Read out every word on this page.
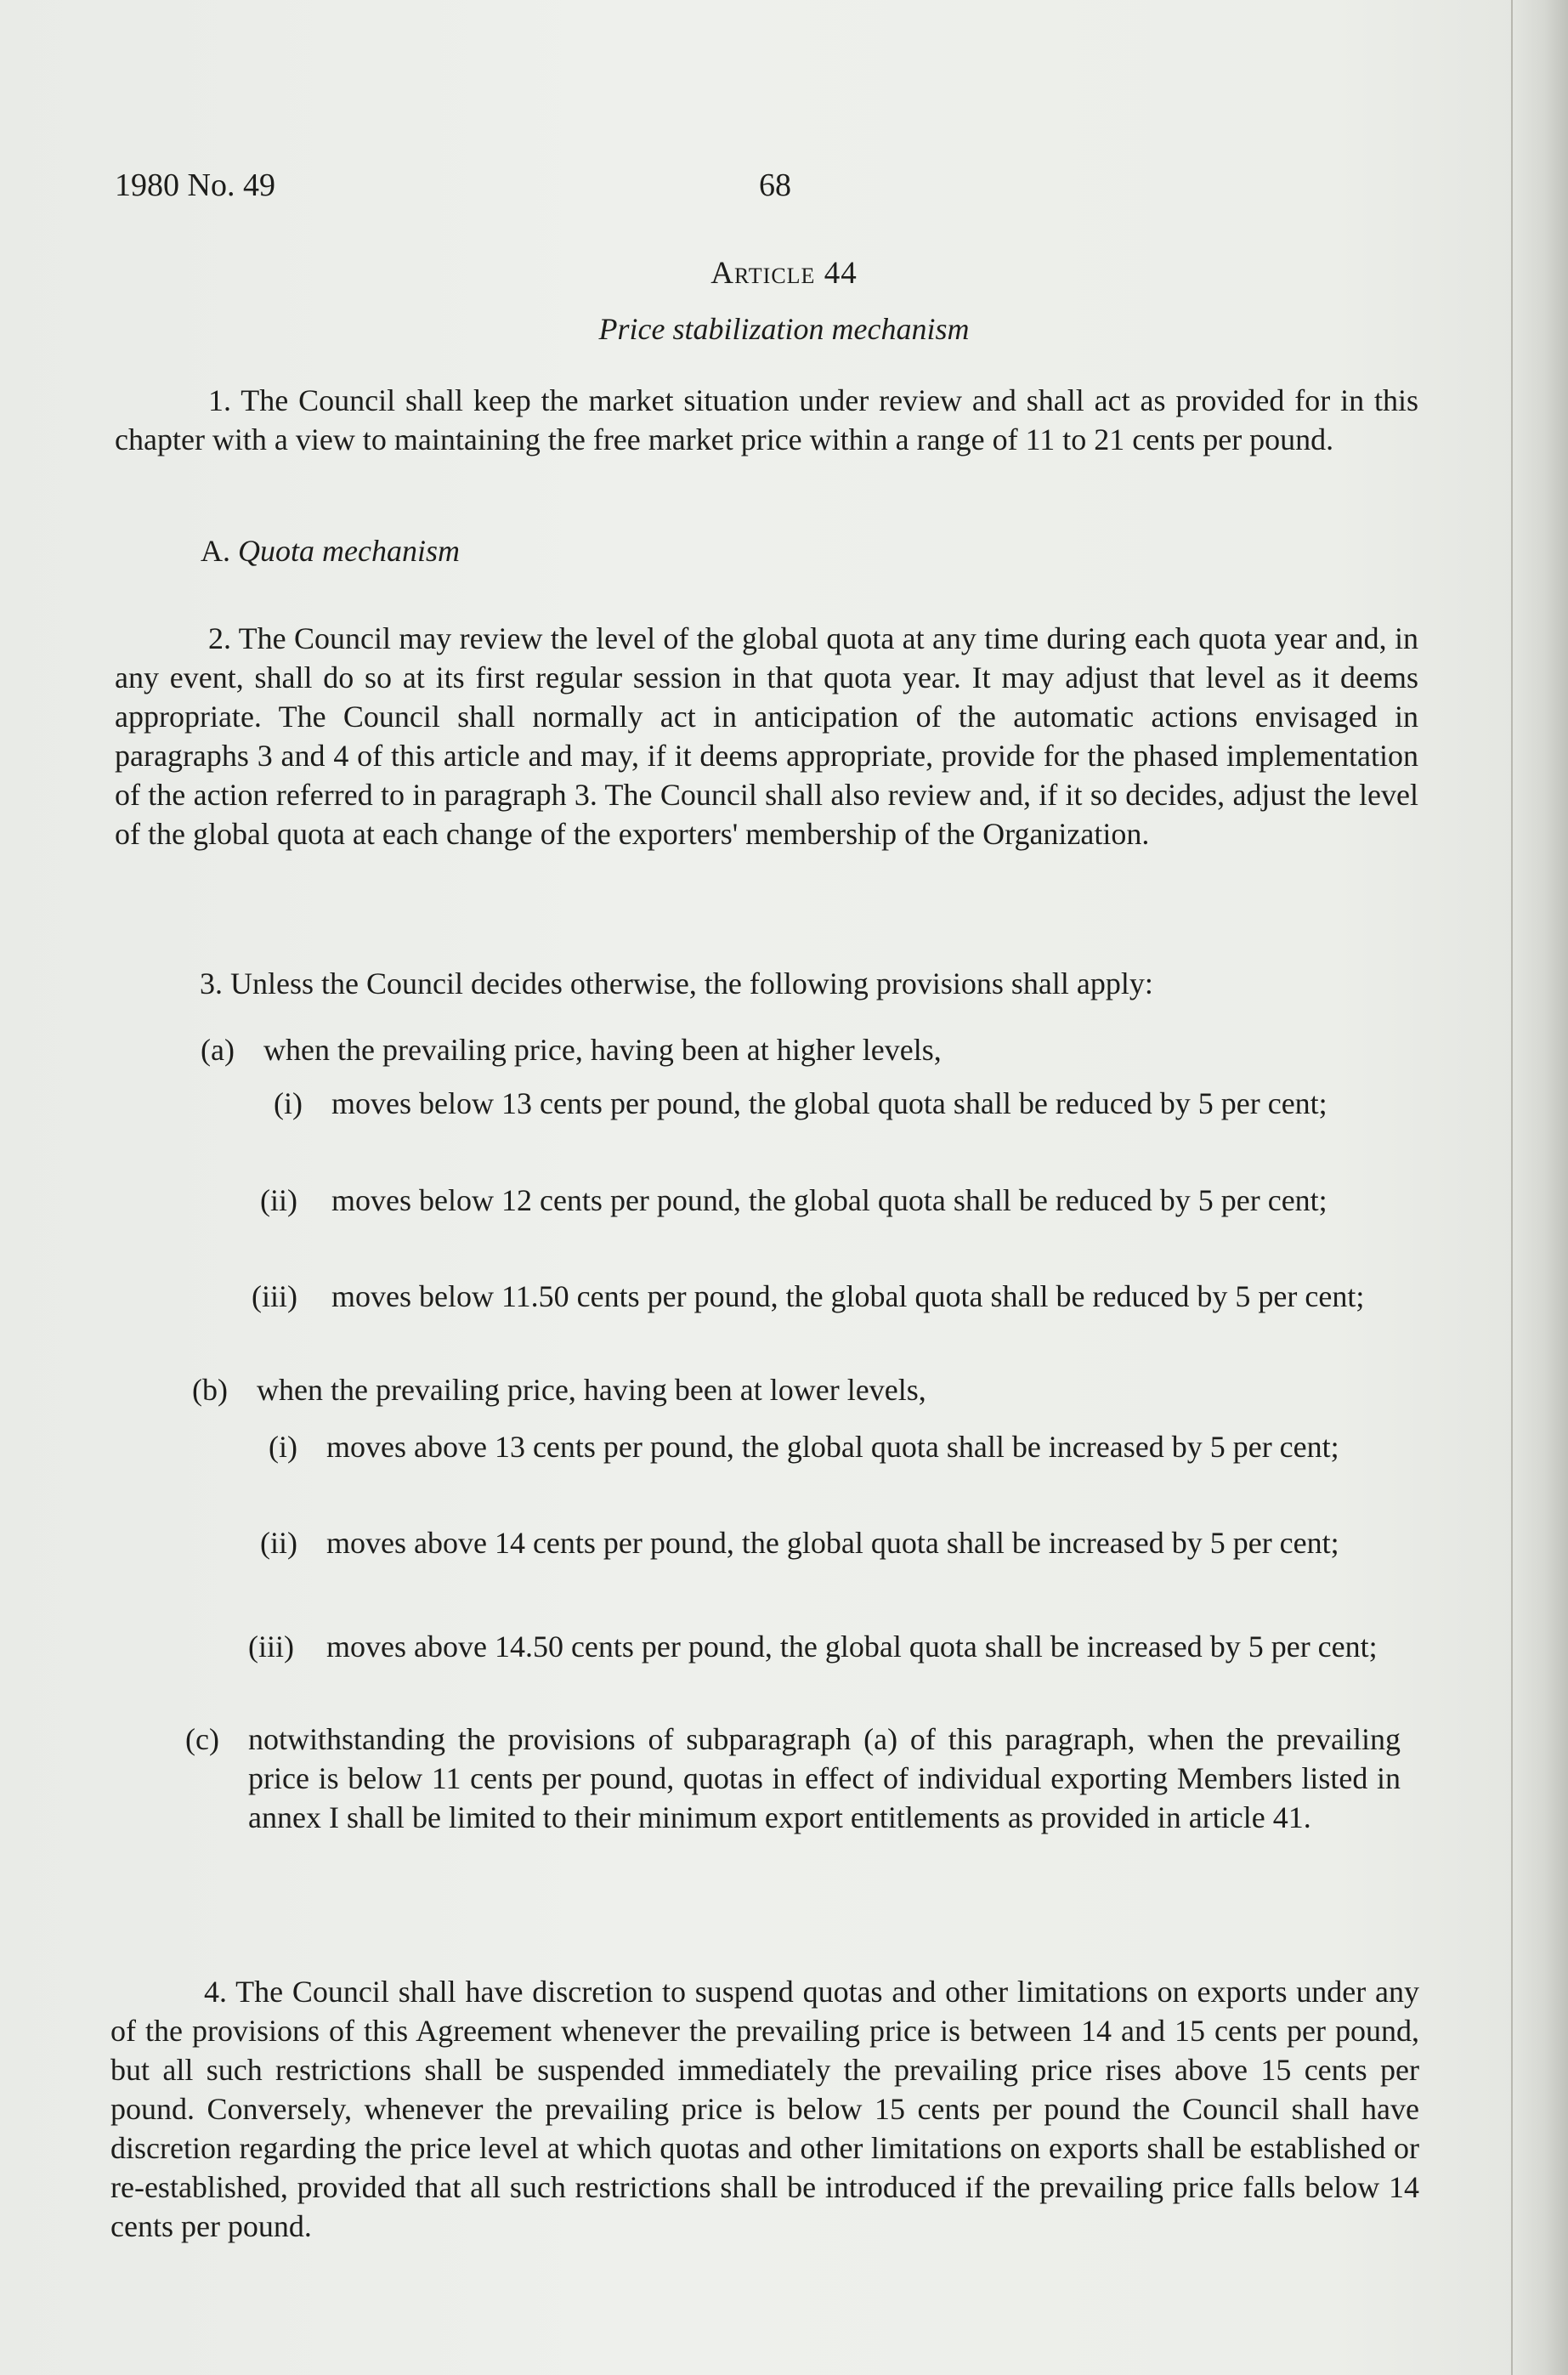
1980 No. 49	68
Article 44
Price stabilization mechanism
1. The Council shall keep the market situation under review and shall act as provided for in this chapter with a view to maintaining the free market price within a range of 11 to 21 cents per pound.
A. Quota mechanism
2. The Council may review the level of the global quota at any time during each quota year and, in any event, shall do so at its first regular session in that quota year. It may adjust that level as it deems appropriate. The Council shall normally act in anticipation of the automatic actions envisaged in paragraphs 3 and 4 of this article and may, if it deems appropriate, provide for the phased implementation of the action referred to in paragraph 3. The Council shall also review and, if it so decides, adjust the level of the global quota at each change of the exporters' membership of the Organization.
3. Unless the Council decides otherwise, the following provisions shall apply:
(a) when the prevailing price, having been at higher levels,
(i) moves below 13 cents per pound, the global quota shall be reduced by 5 per cent;
(ii) moves below 12 cents per pound, the global quota shall be reduced by 5 per cent;
(iii) moves below 11.50 cents per pound, the global quota shall be reduced by 5 per cent;
(b) when the prevailing price, having been at lower levels,
(i) moves above 13 cents per pound, the global quota shall be increased by 5 per cent;
(ii) moves above 14 cents per pound, the global quota shall be increased by 5 per cent;
(iii) moves above 14.50 cents per pound, the global quota shall be increased by 5 per cent;
(c) notwithstanding the provisions of subparagraph (a) of this paragraph, when the prevailing price is below 11 cents per pound, quotas in effect of individual exporting Members listed in annex I shall be limited to their minimum export entitlements as provided in article 41.
4. The Council shall have discretion to suspend quotas and other limitations on exports under any of the provisions of this Agreement whenever the prevailing price is between 14 and 15 cents per pound, but all such restrictions shall be suspended immediately the prevailing price rises above 15 cents per pound. Conversely, whenever the prevailing price is below 15 cents per pound the Council shall have discretion regarding the price level at which quotas and other limitations on exports shall be established or re-established, provided that all such restrictions shall be introduced if the prevailing price falls below 14 cents per pound.
